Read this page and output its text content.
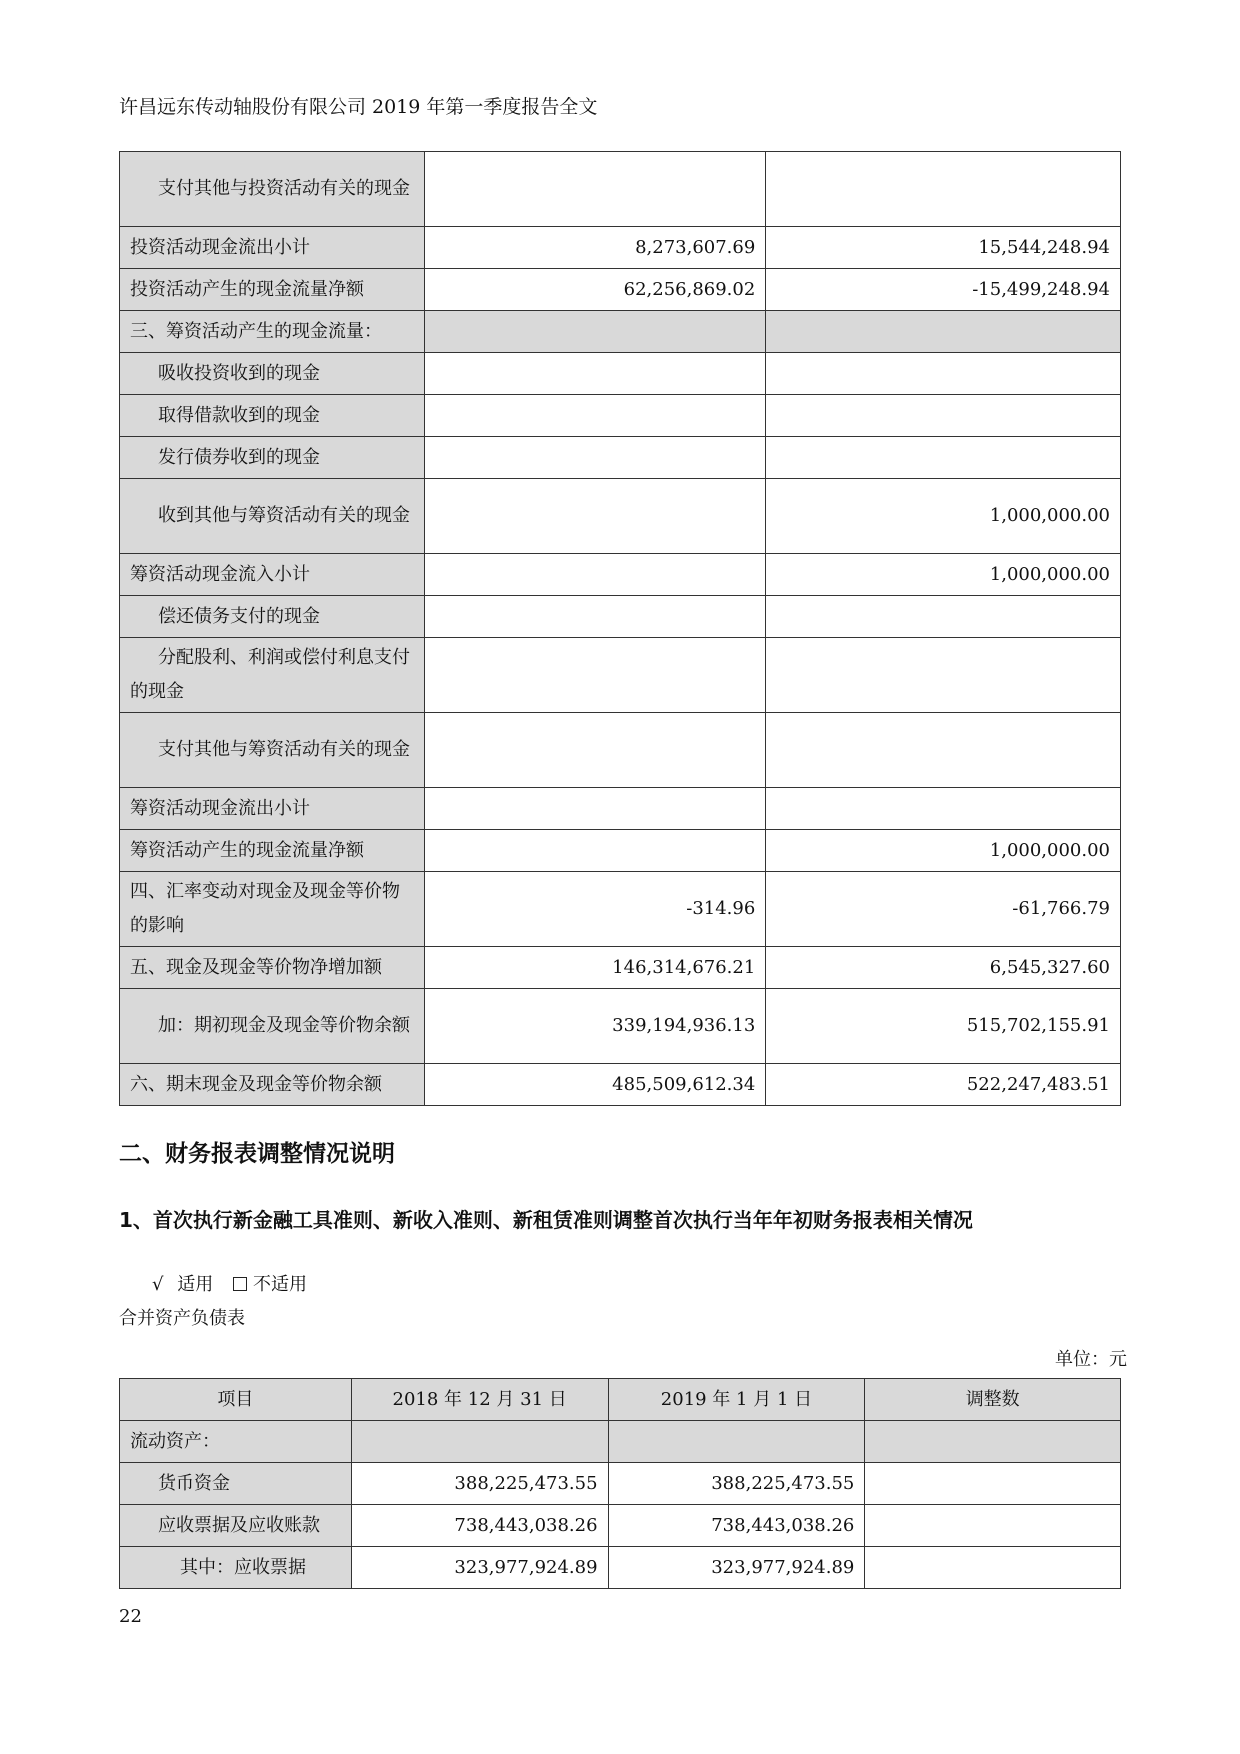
许昌远东传动轴股份有限公司 2019 年第一季度报告全文
支付其他与投资活动有关的现金		
投资活动现金流出小计	8,273,607.69	15,544,248.94
投资活动产生的现金流量净额	62,256,869.02	-15,499,248.94
三、筹资活动产生的现金流量：		
吸收投资收到的现金		
取得借款收到的现金		
发行债券收到的现金		
收到其他与筹资活动有关的现金		1,000,000.00
筹资活动现金流入小计		1,000,000.00
偿还债务支付的现金		
分配股利、利润或偿付利息支付的现金		
支付其他与筹资活动有关的现金		
筹资活动现金流出小计		
筹资活动产生的现金流量净额		1,000,000.00
四、汇率变动对现金及现金等价物的影响	-314.96	-61,766.79
五、现金及现金等价物净增加额	146,314,676.21	6,545,327.60
加：期初现金及现金等价物余额	339,194,936.13	515,702,155.91
六、期末现金及现金等价物余额	485,509,612.34	522,247,483.51
二、财务报表调整情况说明
1、首次执行新金融工具准则、新收入准则、新租赁准则调整首次执行当年年初财务报表相关情况
√ 适用 不适用
合并资产负债表
单位：元
项目	2018 年 12 月 31 日	2019 年 1 月 1 日	调整数
流动资产：			
货币资金	388,225,473.55	388,225,473.55	
应收票据及应收账款	738,443,038.26	738,443,038.26	
其中：应收票据	323,977,924.89	323,977,924.89	
22
